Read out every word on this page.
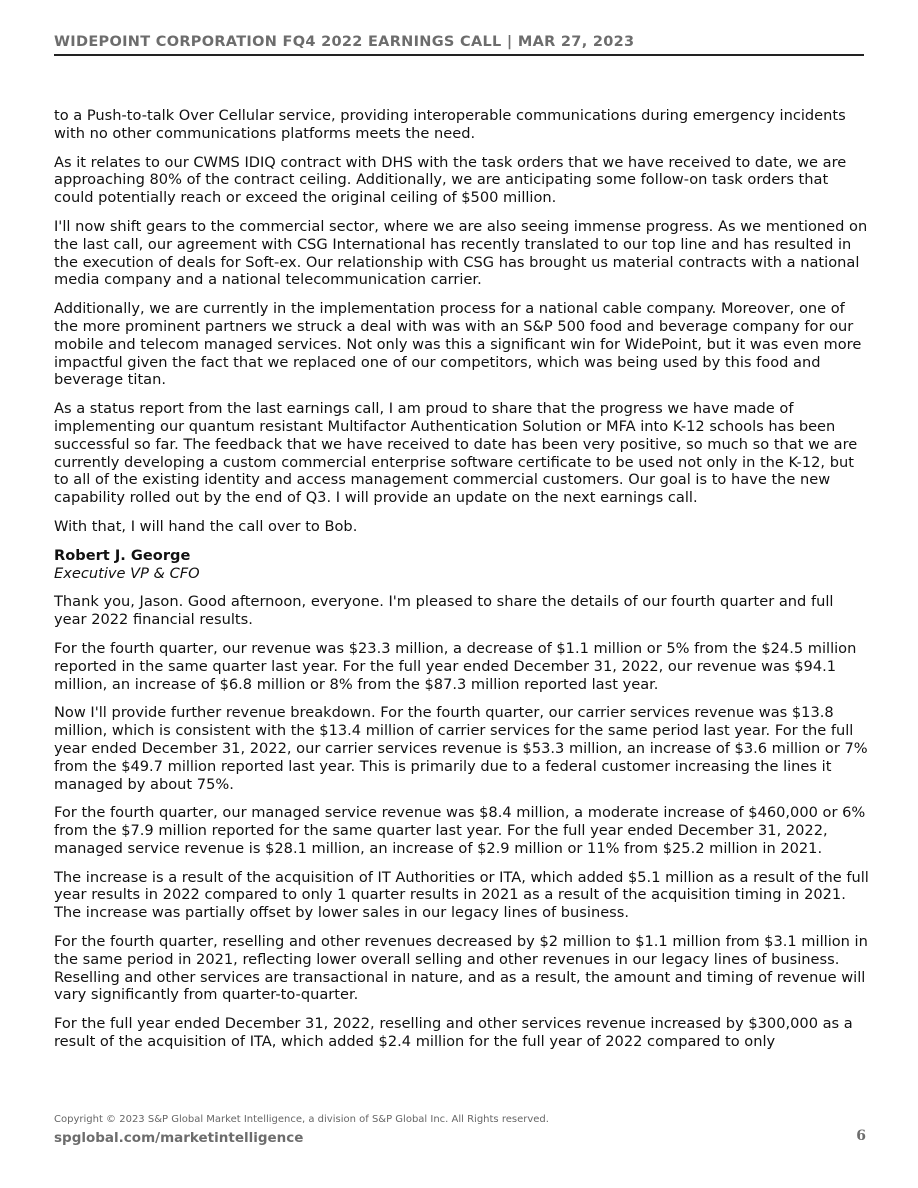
WIDEPOINT CORPORATION FQ4 2022 EARNINGS CALL | MAR 27, 2023

to a Push-to-talk Over Cellular service, providing interoperable communications during emergency incidents with no other communications platforms meets the need.

As it relates to our CWMS IDIQ contract with DHS with the task orders that we have received to date, we are approaching 80% of the contract ceiling. Additionally, we are anticipating some follow-on task orders that could potentially reach or exceed the original ceiling of $500 million.

I'll now shift gears to the commercial sector, where we are also seeing immense progress. As we mentioned on the last call, our agreement with CSG International has recently translated to our top line and has resulted in the execution of deals for Soft-ex. Our relationship with CSG has brought us material contracts with a national media company and a national telecommunication carrier.

Additionally, we are currently in the implementation process for a national cable company. Moreover, one of the more prominent partners we struck a deal with was with an S&P 500 food and beverage company for our mobile and telecom managed services. Not only was this a significant win for WidePoint, but it was even more impactful given the fact that we replaced one of our competitors, which was being used by this food and beverage titan.

As a status report from the last earnings call, I am proud to share that the progress we have made of implementing our quantum resistant Multifactor Authentication Solution or MFA into K-12 schools has been successful so far. The feedback that we have received to date has been very positive, so much so that we are currently developing a custom commercial enterprise software certificate to be used not only in the K-12, but to all of the existing identity and access management commercial customers. Our goal is to have the new capability rolled out by the end of Q3. I will provide an update on the next earnings call.

With that, I will hand the call over to Bob.

Robert J. George
Executive VP & CFO

Thank you, Jason. Good afternoon, everyone. I'm pleased to share the details of our fourth quarter and full year 2022 financial results.

For the fourth quarter, our revenue was $23.3 million, a decrease of $1.1 million or 5% from the $24.5 million reported in the same quarter last year. For the full year ended December 31, 2022, our revenue was $94.1 million, an increase of $6.8 million or 8% from the $87.3 million reported last year.

Now I'll provide further revenue breakdown. For the fourth quarter, our carrier services revenue was $13.8 million, which is consistent with the $13.4 million of carrier services for the same period last year. For the full year ended December 31, 2022, our carrier services revenue is $53.3 million, an increase of $3.6 million or 7% from the $49.7 million reported last year. This is primarily due to a federal customer increasing the lines it managed by about 75%.

For the fourth quarter, our managed service revenue was $8.4 million, a moderate increase of $460,000 or 6% from the $7.9 million reported for the same quarter last year. For the full year ended December 31, 2022, managed service revenue is $28.1 million, an increase of $2.9 million or 11% from $25.2 million in 2021.

The increase is a result of the acquisition of IT Authorities or ITA, which added $5.1 million as a result of the full year results in 2022 compared to only 1 quarter results in 2021 as a result of the acquisition timing in 2021. The increase was partially offset by lower sales in our legacy lines of business.

For the fourth quarter, reselling and other revenues decreased by $2 million to $1.1 million from $3.1 million in the same period in 2021, reflecting lower overall selling and other revenues in our legacy lines of business. Reselling and other services are transactional in nature, and as a result, the amount and timing of revenue will vary significantly from quarter-to-quarter.

For the full year ended December 31, 2022, reselling and other services revenue increased by $300,000 as a result of the acquisition of ITA, which added $2.4 million for the full year of 2022 compared to only

Copyright © 2023 S&P Global Market Intelligence, a division of S&P Global Inc. All Rights reserved.
spglobal.com/marketintelligence	6
